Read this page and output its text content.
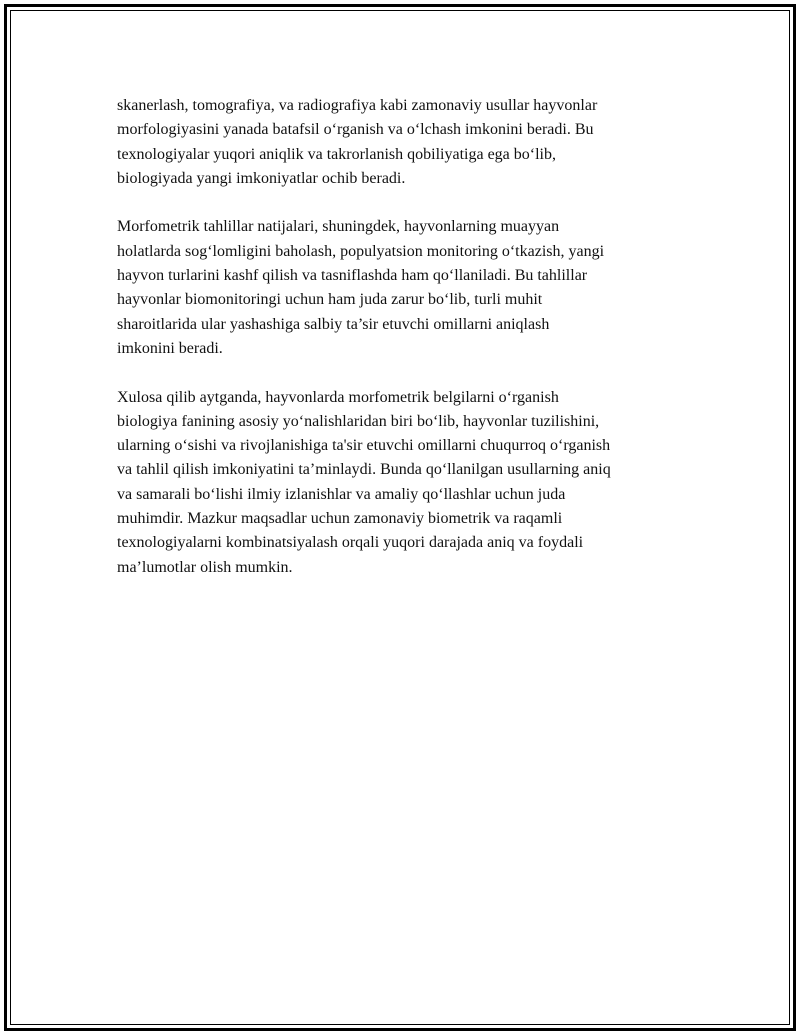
skanerlash, tomografiya, va radiografiya kabi zamonaviy usullar hayvonlar
morfologiyasini yanada batafsil o‘rganish va o‘lchash imkonini beradi. Bu
texnologiyalar yuqori aniqlik va takrorlanish qobiliyatiga ega bo‘lib,
biologiyada yangi imkoniyatlar ochib beradi.

Morfometrik tahlillar natijalari, shuningdek, hayvonlarning muayyan
holatlarda sog‘lomligini baholash, populyatsion monitoring o‘tkazish, yangi
hayvon turlarini kashf qilish va tasniflashda ham qo‘llaniladi. Bu tahlillar
hayvonlar biomonitoringi uchun ham juda zarur bo‘lib, turli muhit
sharoitlarida ular yashashiga salbiy ta’sir etuvchi omillarni aniqlash
imkonini beradi.

Xulosa qilib aytganda, hayvonlarda morfometrik belgilarni o‘rganish
biologiya fanining asosiy yo‘nalishlaridan biri bo‘lib, hayvonlar tuzilishini,
ularning o‘sishi va rivojlanishiga ta'sir etuvchi omillarni chuqurroq o‘rganish
va tahlil qilish imkoniyatini ta’minlaydi. Bunda qo‘llanilgan usullarning aniq
va samarali bo‘lishi ilmiy izlanishlar va amaliy qo‘llashlar uchun juda
muhimdir. Mazkur maqsadlar uchun zamonaviy biometrik va raqamli
texnologiyalarni kombinatsiyalash orqali yuqori darajada aniq va foydali
ma’lumotlar olish mumkin.
